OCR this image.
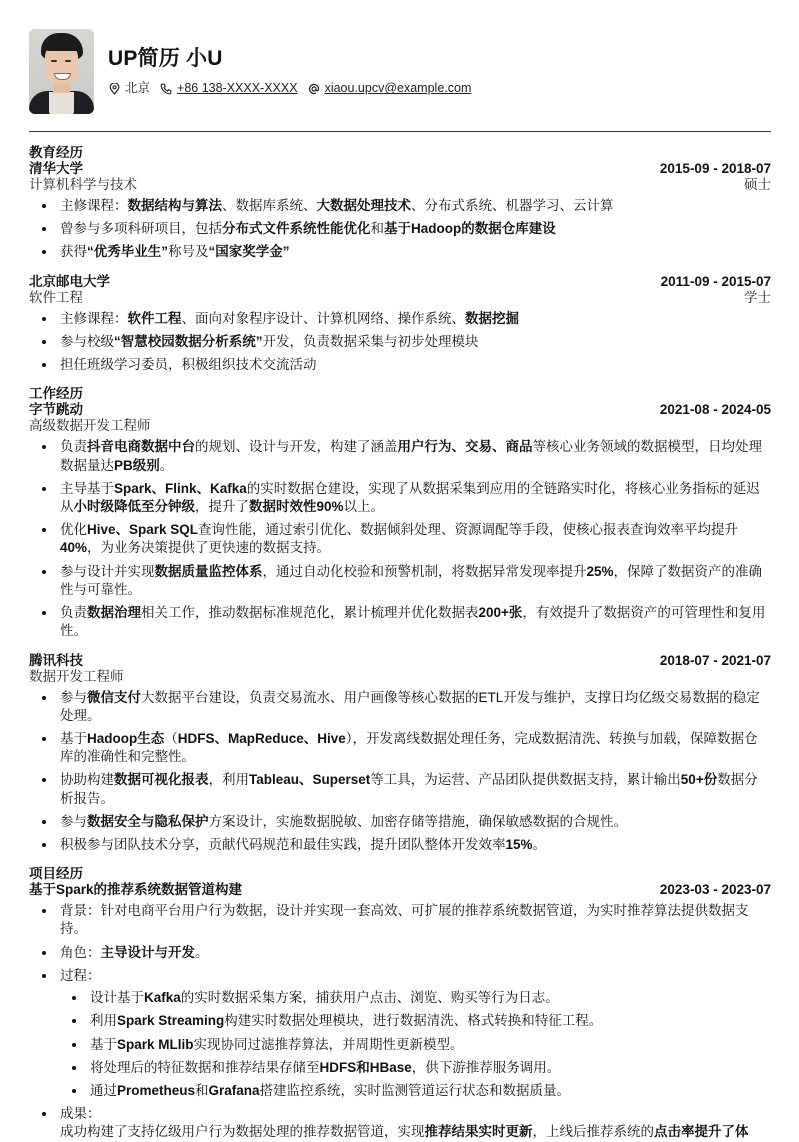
UP简历 小U
北京 +86 138-XXXX-XXXX xiaou.upcv@example.com
教育经历
清华大学	2015-09 - 2018-07
计算机科学与技术	硕士
• 主修课程：数据结构与算法、数据库系统、大数据处理技术、分布式系统、机器学习、云计算
• 曾参与多项科研项目，包括分布式文件系统性能优化和基于Hadoop的数据仓库建设
• 获得“优秀毕业生”称号及“国家奖学金”
北京邮电大学	2011-09 - 2015-07
软件工程	学士
• 主修课程：软件工程、面向对象程序设计、计算机网络、操作系统、数据挖掘
• 参与校级“智慧校园数据分析系统”开发，负责数据采集与初步处理模块
• 担任班级学习委员，积极组织技术交流活动
工作经历
字节跳动	2021-08 - 2024-05
高级数据开发工程师
• 负责抖音电商数据中台的规划、设计与开发，构建了涵盖用户行为、交易、商品等核心业务领域的数据模型，日均处理数据量达PB级别。
• 主导基于Spark、Flink、Kafka的实时数据仓建设，实现了从数据采集到应用的全链路实时化，将核心业务指标的延迟从小时级降低至分钟级，提升了数据时效性90%以上。
• 优化Hive、Spark SQL查询性能，通过索引优化、数据倾斜处理、资源调配等手段，使核心报表查询效率平均提升40%，为业务决策提供了更快速的数据支持。
• 参与设计并实现数据质量监控体系，通过自动化校验和预警机制，将数据异常发现率提升25%，保障了数据资产的准确性与可靠性。
• 负责数据治理相关工作，推动数据标准规范化，累计梳理并优化数据表200+张，有效提升了数据资产的可管理性和复用性。
腾讯科技	2018-07 - 2021-07
数据开发工程师
• 参与微信支付大数据平台建设，负责交易流水、用户画像等核心数据的ETL开发与维护，支撑日均亿级交易数据的稳定处理。
• 基于Hadoop生态（HDFS、MapReduce、Hive），开发离线数据处理任务，完成数据清洗、转换与加载，保障数据仓库的准确性和完整性。
• 协助构建数据可视化报表，利用Tableau、Superset等工具，为运营、产品团队提供数据支持，累计输出50+份数据分析报告。
• 参与数据安全与隐私保护方案设计，实施数据脱敏、加密存储等措施，确保敏感数据的合规性。
• 积极参与团队技术分享，贡献代码规范和最佳实践，提升团队整体开发效率15%。
项目经历
基于Spark的推荐系统数据管道构建	2023-03 - 2023-07
• 背景：针对电商平台用户行为数据，设计并实现一套高效、可扩展的推荐系统数据管道，为实时推荐算法提供数据支持。
• 角色：主导设计与开发。
• 过程：
• 设计基于Kafka的实时数据采集方案，捕获用户点击、浏览、购买等行为日志。
• 利用Spark Streaming构建实时数据处理模块，进行数据清洗、格式转换和特征工程。
• 基于Spark MLlib实现协同过滤推荐算法，并周期性更新模型。
• 将处理后的特征数据和推荐结果存储至HDFS和HBase，供下游推荐服务调用。
• 通过Prometheus和Grafana搭建监控系统，实时监测管道运行状态和数据质量。
• 成果：
成功构建了支持亿级用户行为数据处理的推荐数据管道，实现推荐结果实时更新，上线后推荐系统的点击率提升了体
